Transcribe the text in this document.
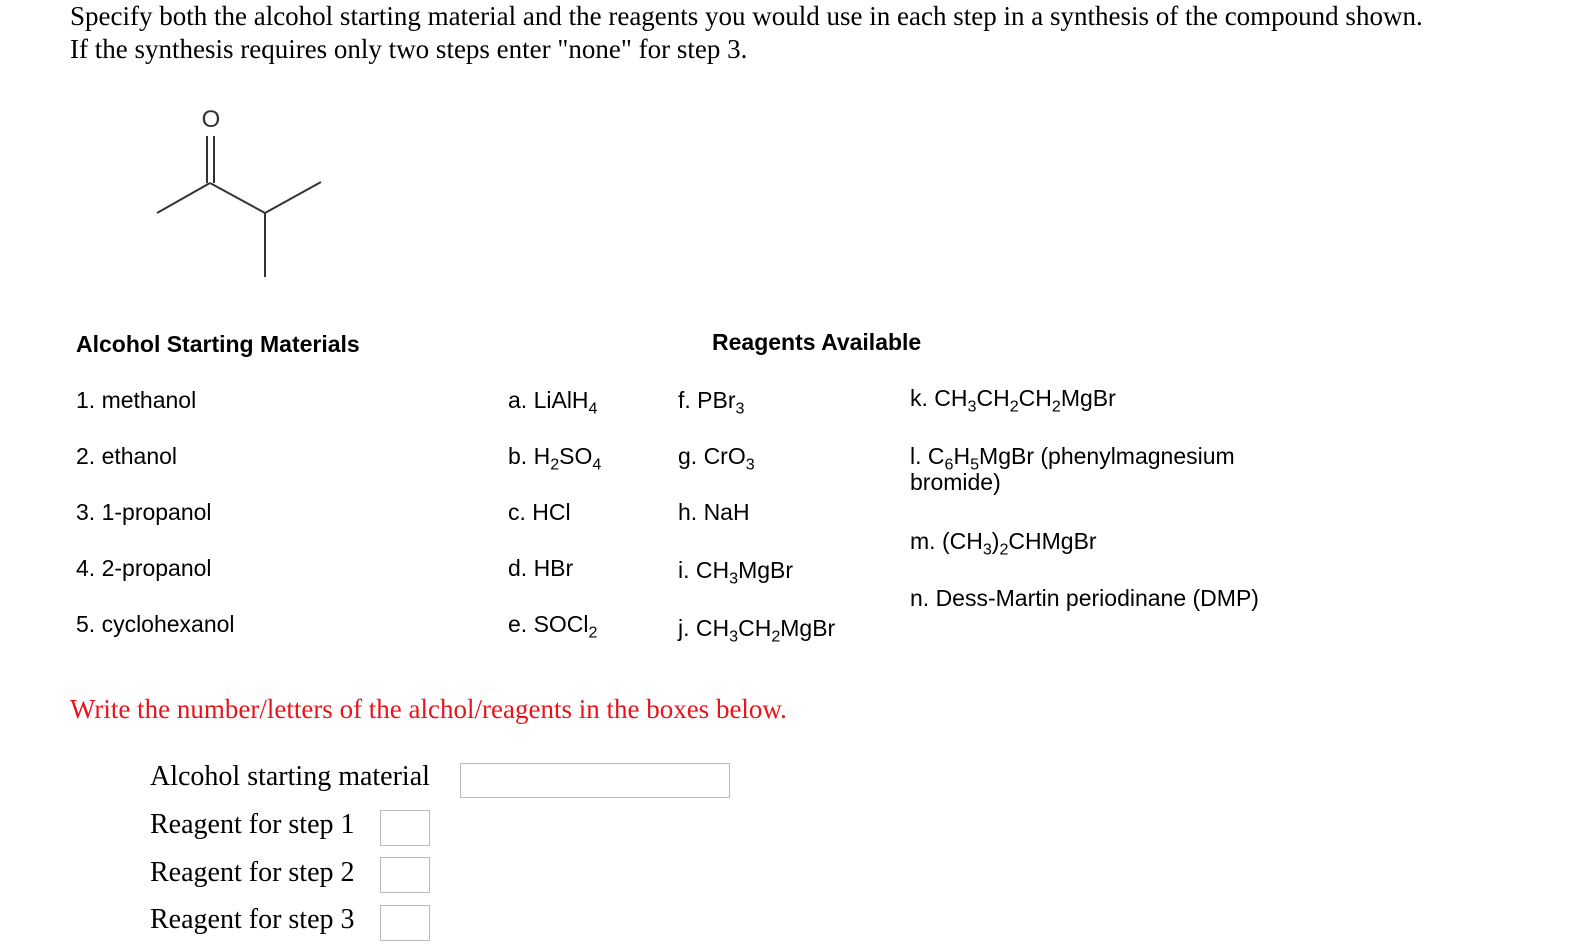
Specify both the alcohol starting material and the reagents you would use in each step in a synthesis of the compound shown.
If the synthesis requires only two steps enter "none" for step 3.
O
Alcohol Starting Materials	Reagents Available
1. methanol
2. ethanol
3. 1-propanol
4. 2-propanol
5. cyclohexanol
a. LiAlH$_4$
b. $H_2SO_4$
c. HCl
d. HBr
e. SOCl$_2$
f. PBr$_3$
g. CrO$_3$
h. NaH
i. $CH_3MgBr$
j. $CH_3CH_2MgBr$
k. $CH_3CH_2CH_2MgBr$
l. $C_6H_5MgBr$ (phenylmagnesium bromide)
m. $(CH_3)_2CHMgBr$
n. Dess-Martin periodinane (DMP)
Write the number/letters of the alchol/reagents in the boxes below.
Alcohol starting material
Reagent for step 1
Reagent for step 2
Reagent for step 3
